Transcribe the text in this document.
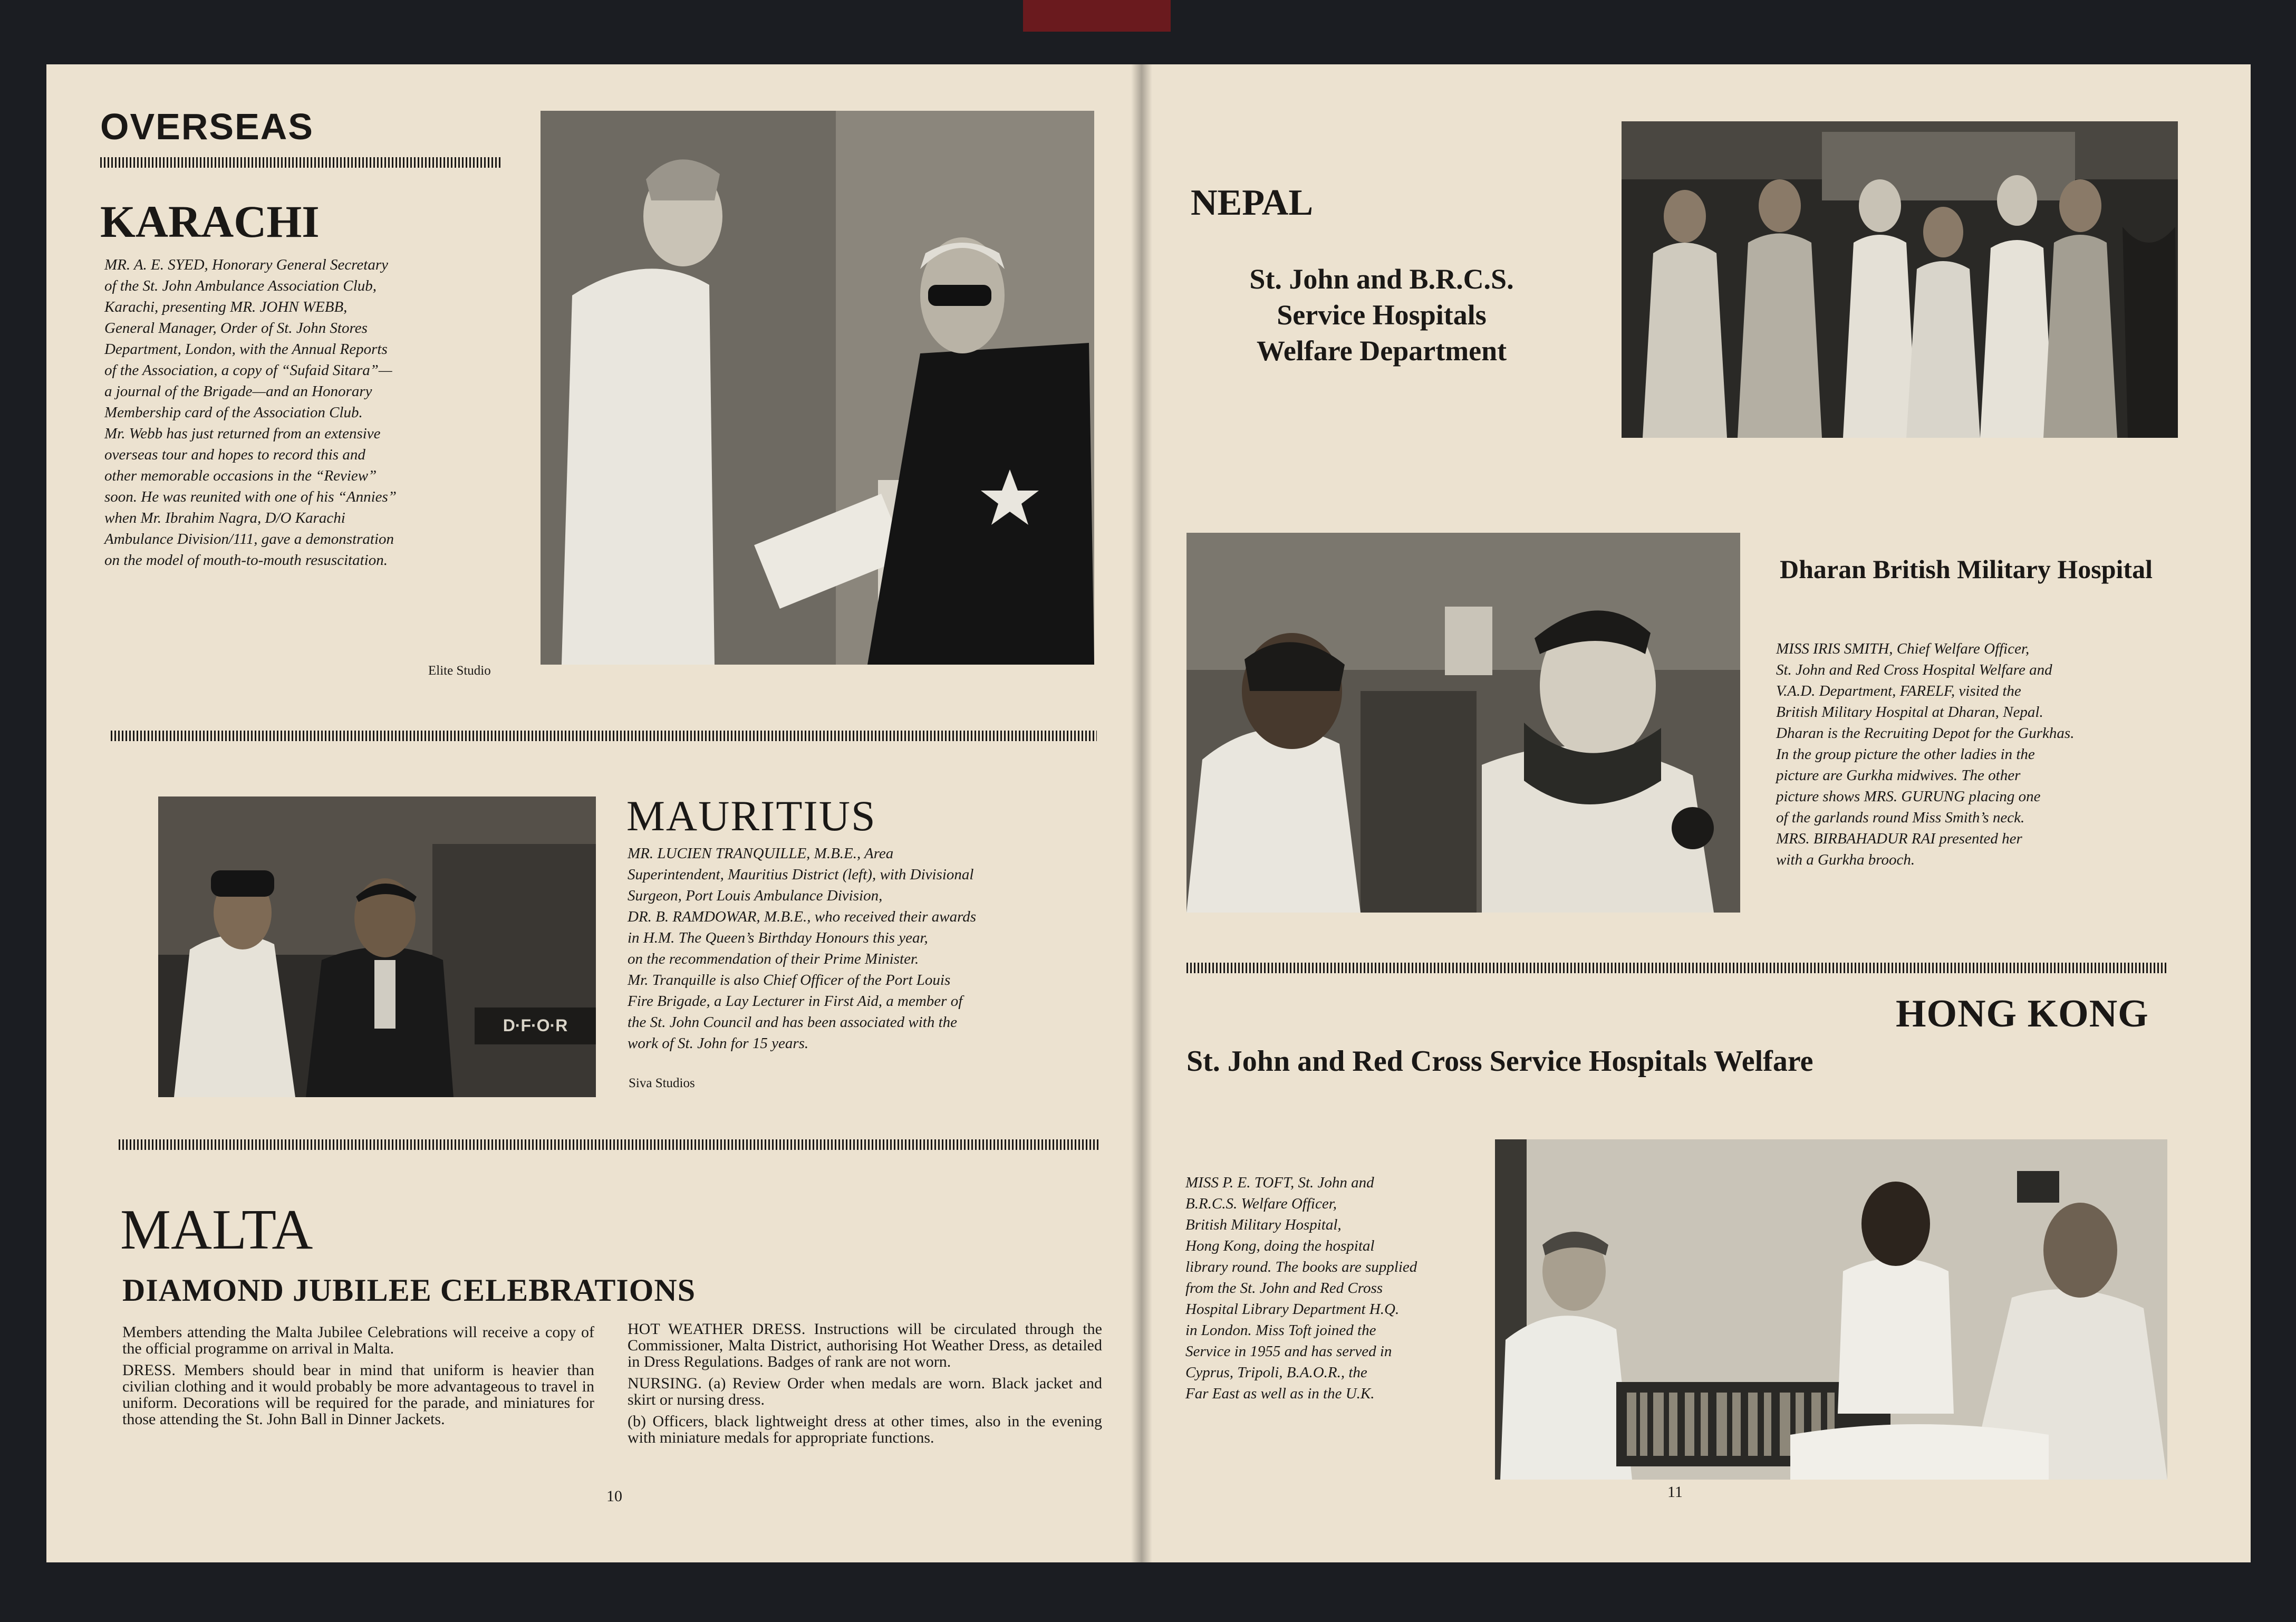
OVERSEAS
KARACHI

MR. A. E. SYED, Honorary General Secretary

of the St. John Ambulance Association Club,

Karachi, presenting MR. JOHN WEBB,

General Manager, Order of St. John Stores

Department, London, with the Annual Reports

of the Association, a copy of “Sufaid Sitara”—

a journal of the Brigade—and an Honorary

Membership card of the Association Club.

Mr. Webb has just returned from an extensive

overseas tour and hopes to record this and

other memorable occasions in the “Review”

soon. He was reunited with one of his “Annies”

when Mr. Ibrahim Nagra, D/O Karachi

Ambulance Division/111, gave a demonstration

on the model of mouth-to-mouth resuscitation.

Elite Studio
D·F·O·R
MAURITIUS

MR. LUCIEN TRANQUILLE, M.B.E., Area

Superintendent, Mauritius District (left), with Divisional

Surgeon, Port Louis Ambulance Division,

DR. B. RAMDOWAR, M.B.E., who received their awards

in H.M. The Queen’s Birthday Honours this year,

on the recommendation of their Prime Minister.

Mr. Tranquille is also Chief Officer of the Port Louis

Fire Brigade, a Lay Lecturer in First Aid, a member of

the St. John Council and has been associated with the

work of St. John for 15 years.

Siva Studios
MALTA
DIAMOND JUBILEE CELEBRATIONS

Members attending the Malta Jubilee Celebrations will receive a copy of the official programme on arrival in Malta.

DRESS. Members should bear in mind that uniform is heavier than civilian clothing and it would probably be more advantageous to travel in uniform. Decorations will be required for the parade, and miniatures for those attending the St. John Ball in Dinner Jackets.

HOT WEATHER DRESS. Instructions will be circulated through the Commissioner, Malta District, authorising Hot Weather Dress, as detailed in Dress Regulations. Badges of rank are not worn.

NURSING. (a) Review Order when medals are worn. Black jacket and skirt or nursing dress.

(b) Officers, black lightweight dress at other times, also in the evening with miniature medals for appropriate functions.

10
NEPAL
St. John and B.R.C.S.
Service Hospitals
Welfare Department
Dharan British Military Hospital

MISS IRIS SMITH, Chief Welfare Officer,

St. John and Red Cross Hospital Welfare and

V.A.D. Department, FARELF, visited the

British Military Hospital at Dharan, Nepal.

Dharan is the Recruiting Depot for the Gurkhas.

In the group picture the other ladies in the

picture are Gurkha midwives. The other

picture shows MRS. GURUNG placing one

of the garlands round Miss Smith’s neck.

MRS. BIRBAHADUR RAI presented her

with a Gurkha brooch.

HONG KONG
St. John and Red Cross Service Hospitals Welfare

MISS P. E. TOFT, St. John and

B.R.C.S. Welfare Officer,

British Military Hospital,

Hong Kong, doing the hospital

library round. The books are supplied

from the St. John and Red Cross

Hospital Library Department H.Q.

in London. Miss Toft joined the

Service in 1955 and has served in

Cyprus, Tripoli, B.A.O.R., the

Far East as well as in the U.K.

11
